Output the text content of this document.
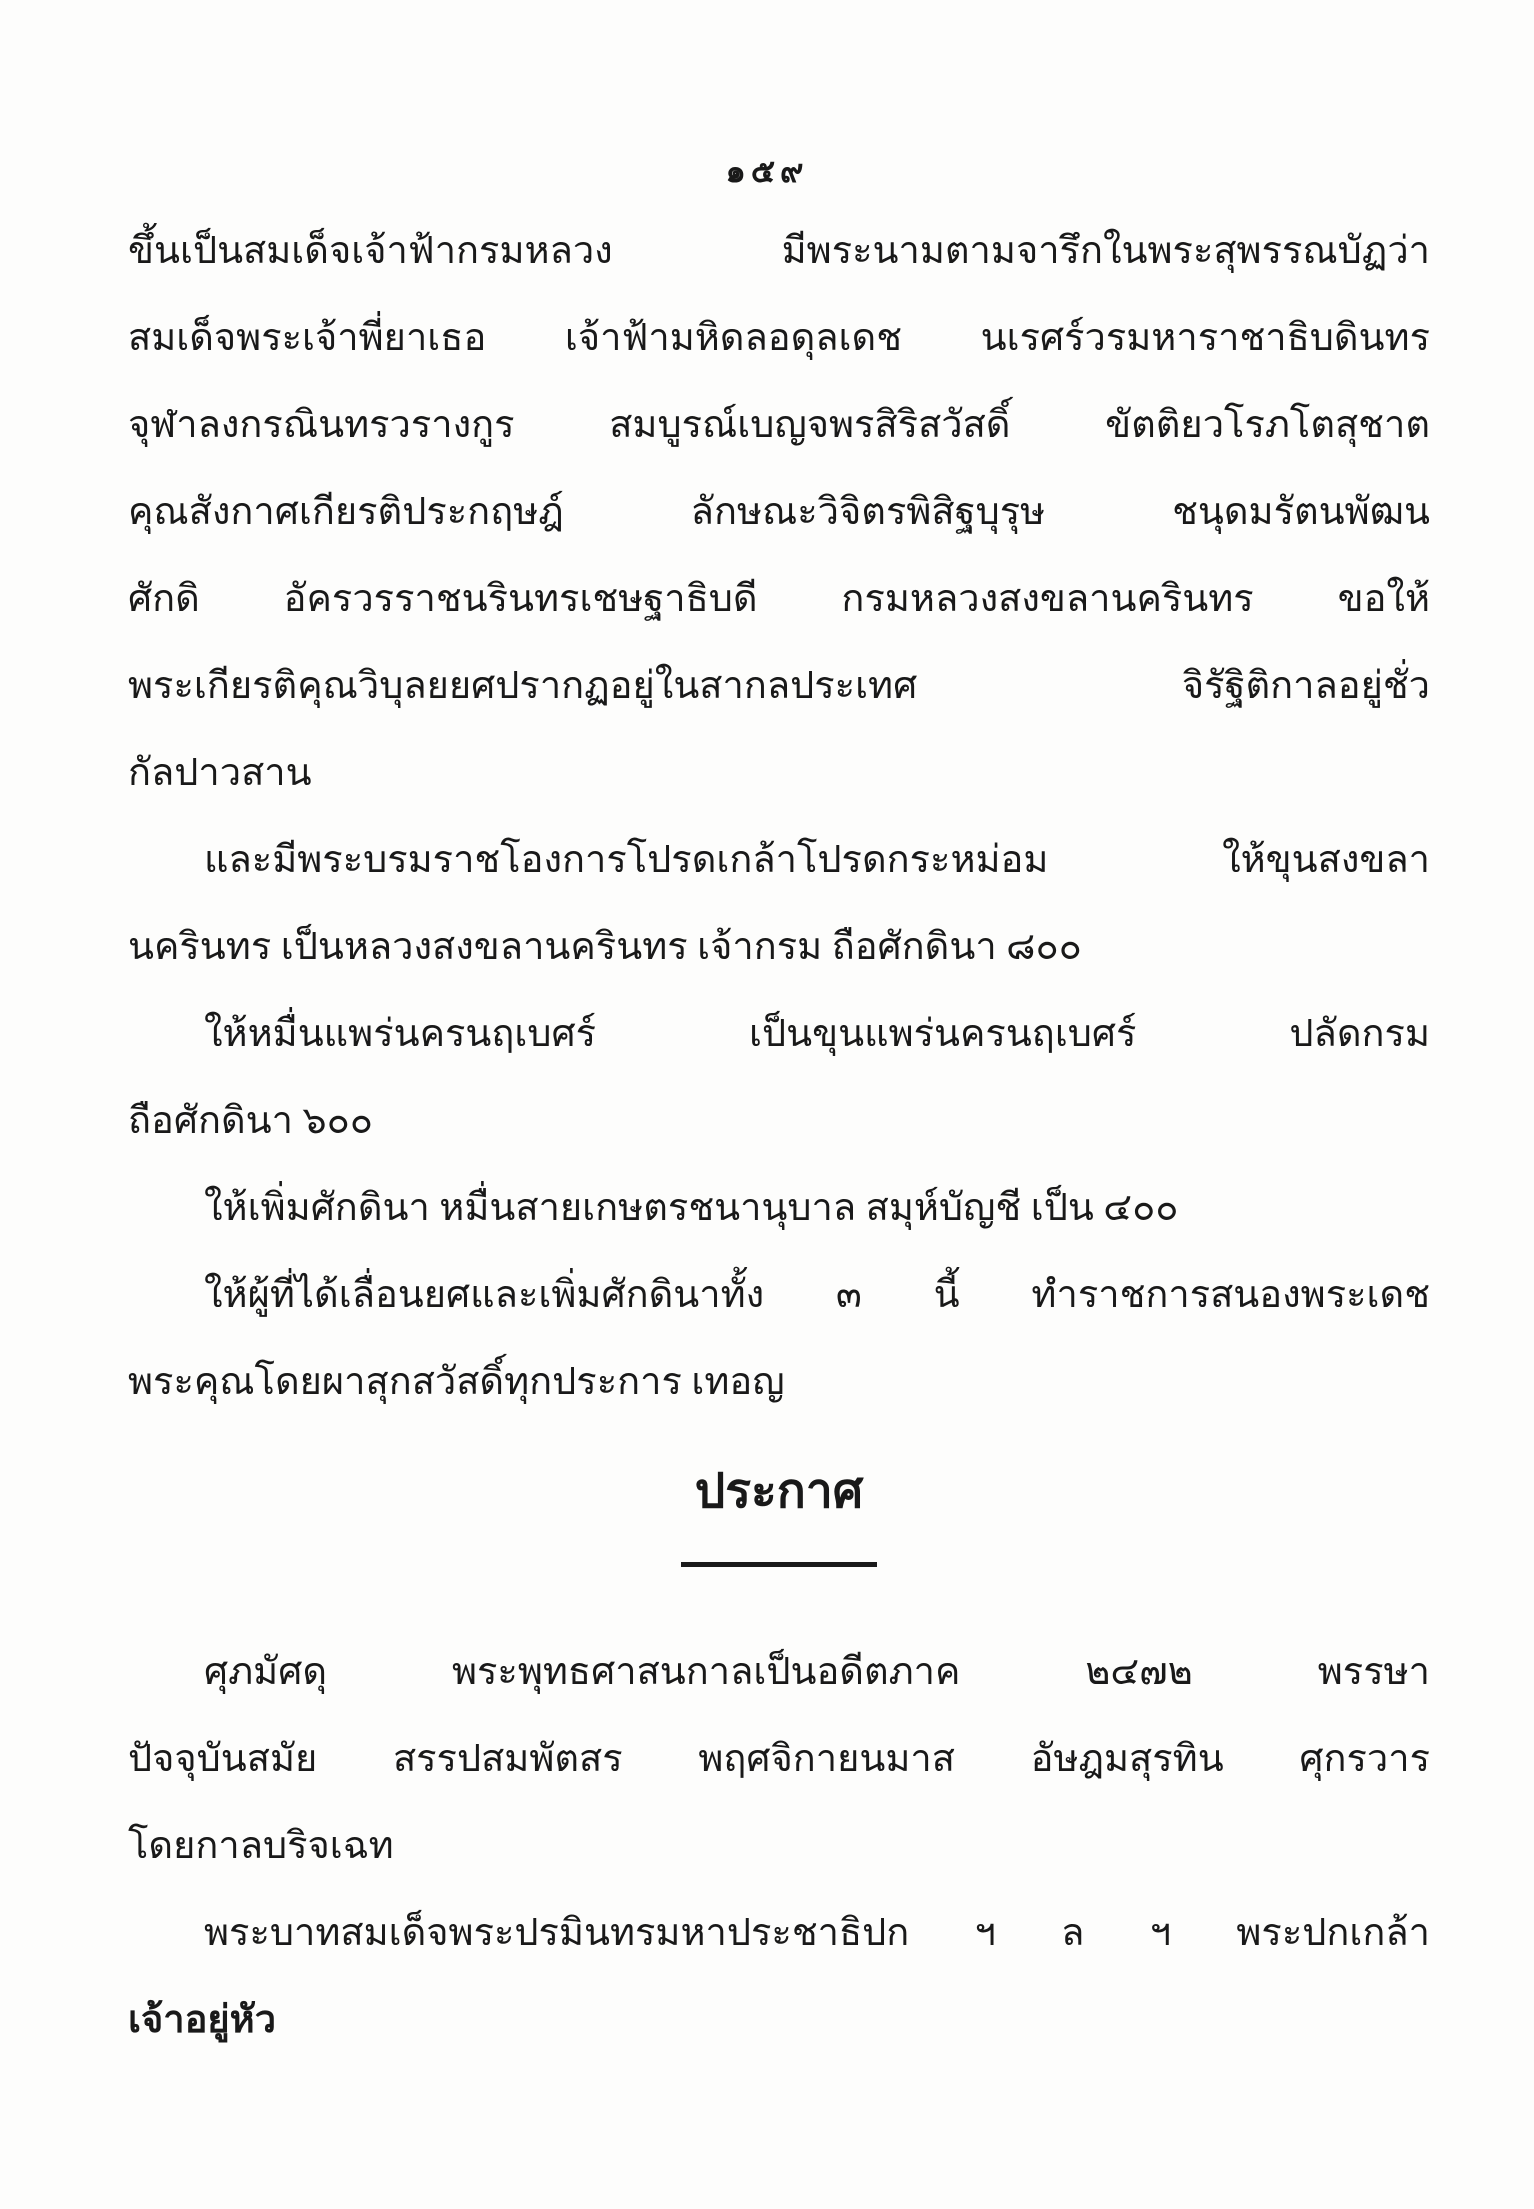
๑๕๙
ขึ้นเป็นสมเด็จเจ้าฟ้ากรมหลวง มีพระนามตามจารึกในพระสุพรรณบัฏว่า
สมเด็จพระเจ้าพี่ยาเธอ เจ้าฟ้ามหิดลอดุลเดช นเรศร์วรมหาราชาธิบดินทร
จุฬาลงกรณินทรวรางกูร สมบูรณ์เบญจพรสิริสวัสดิ์ ขัตติยวโรภโตสุชาต
คุณสังกาศเกียรติประกฤษฎ์ ลักษณะวิจิตรพิสิฐบุรุษ ชนุดมรัตนพัฒน
ศักดิ อัครวรราชนรินทรเชษฐาธิบดี กรมหลวงสงขลานครินทร ขอให้
พระเกียรติคุณวิบุลยยศปรากฏอยู่ในสากลประเทศ จิรัฐิติกาลอยู่ชั่ว
กัลปาวสาน
และมีพระบรมราชโองการโปรดเกล้าโปรดกระหม่อม ให้ขุนสงขลา
นครินทร เป็นหลวงสงขลานครินทร เจ้ากรม ถือศักดินา ๘๐๐
ให้หมื่นแพร่นครนฤเบศร์ เป็นขุนแพร่นครนฤเบศร์ ปลัดกรม
ถือศักดินา ๖๐๐
ให้เพิ่มศักดินา หมื่นสายเกษตรชนานุบาล สมุห์บัญชี เป็น ๔๐๐
ให้ผู้ที่ได้เลื่อนยศและเพิ่มศักดินาทั้ง ๓ นี้ ทำราชการสนองพระเดช
พระคุณโดยผาสุกสวัสดิ์ทุกประการ เทอญ
ประกาศ
ศุภมัศดุ พระพุทธศาสนกาลเป็นอดีตภาค ๒๔๗๒ พรรษา
ปัจจุบันสมัย สรรปสมพัตสร พฤศจิกายนมาส อัษฎมสุรทิน ศุกรวาร
โดยกาลบริจเฉท
พระบาทสมเด็จพระปรมินทรมหาประชาธิปก ฯ ล ฯ พระปกเกล้า
เจ้าอยู่หัว
